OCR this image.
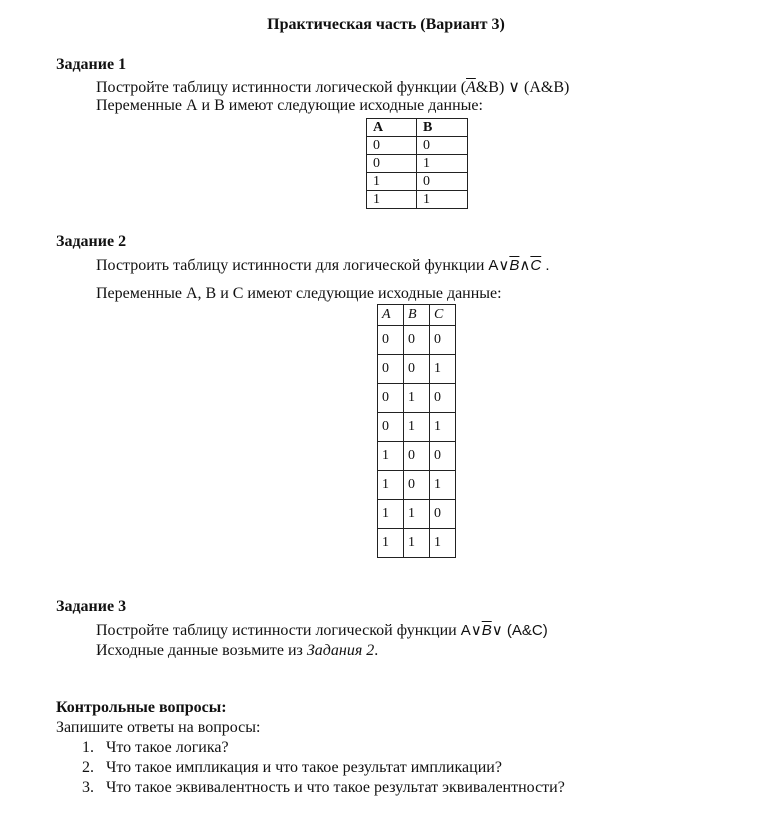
Практическая часть (Вариант 3)
Задание 1
Постройте таблицу истинности логической функции $(\overline{A}\&B)$ ∨ (A&B)
Переменные А и В имеют следующие исходные данные:
A	B
0	0
0	1
1	0
1	1
Задание 2
Построить таблицу истинности для логической функции $A\vee\overline{B}\wedge\overline{C}$ .
Переменные А, В и С имеют следующие исходные данные:
A	B	C
0	0	0
0	0	1
0	1	0
0	1	1
1	0	0
1	0	1
1	1	0
1	1	1
Задание 3
Постройте таблицу истинности логической функции $A\vee\overline{B}\vee$ (A&C)
Исходные данные возьмите из Задания 2.
Контрольные вопросы:
Запишите ответы на вопросы:
1. Что такое логика?
2. Что такое импликация и что такое результат импликации?
3. Что такое эквивалентность и что такое результат эквивалентности?
